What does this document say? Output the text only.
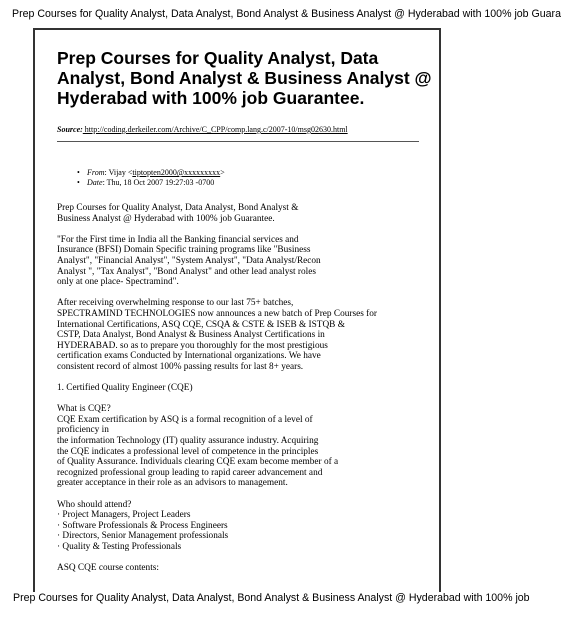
Prep Courses for Quality Analyst, Data Analyst, Bond Analyst & Business Analyst @ Hyderabad with 100% job Guara
Prep Courses for Quality Analyst, Data Analyst, Bond Analyst & Business Analyst @ Hyderabad with 100% job Guarantee.
Source: http://coding.derkeiler.com/Archive/C_CPP/comp.lang.c/2007-10/msg02630.html
• From: Vijay <tiptopten2000@xxxxxxxxx>
• Date: Thu, 18 Oct 2007 19:27:03 -0700
Prep Courses for Quality Analyst, Data Analyst, Bond Analyst &
Business Analyst @ Hyderabad with 100% job Guarantee.

"For the First time in India all the Banking financial services and
Insurance (BFSI) Domain Specific training programs like "Business
Analyst", "Financial Analyst", "System Analyst", "Data Analyst/Recon
Analyst ", "Tax Analyst", "Bond Analyst" and other lead analyst roles
only at one place- Spectramind".

After receiving overwhelming response to our last 75+ batches,
SPECTRAMIND TECHNOLOGIES now announces a new batch of Prep Courses for
International Certifications, ASQ CQE, CSQA & CSTE & ISEB & ISTQB &
CSTP, Data Analyst, Bond Analyst & Business Analyst Certifications in
HYDERABAD. so as to prepare you thoroughly for the most prestigious
certification exams Conducted by International organizations. We have
consistent record of almost 100% passing results for last 8+ years.

1. Certified Quality Engineer (CQE)

What is CQE?
CQE Exam certification by ASQ is a formal recognition of a level of
proficiency in
the information Technology (IT) quality assurance industry. Acquiring
the CQE indicates a professional level of competence in the principles
of Quality Assurance. Individuals clearing CQE exam become member of a
recognized professional group leading to rapid career advancement and
greater acceptance in their role as an advisors to management.

Who should attend?
· Project Managers, Project Leaders
· Software Professionals & Process Engineers
· Directors, Senior Management professionals
· Quality & Testing Professionals

ASQ CQE course contents:
Prep Courses for Quality Analyst, Data Analyst, Bond Analyst & Business Analyst @ Hyderabad with 100% job
